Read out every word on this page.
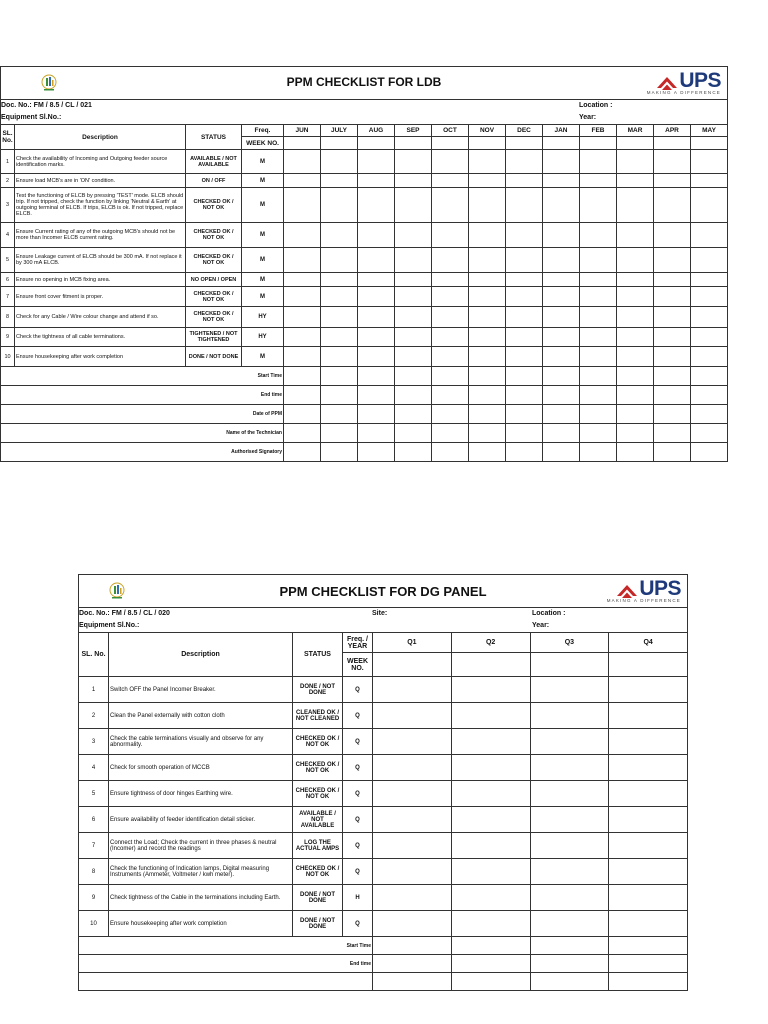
PPM CHECKLIST FOR LDB	UPS
MAKING A DIFFERENCE
Doc. No.: FM / 8.5 / CL / 021	Location :
Equipment Sl.No.:	Year:
SL. No.	Description	STATUS	Freq.	JUN	JULY	AUG	SEP	OCT	NOV	DEC	JAN	FEB	MAR	APR	MAY
			WEEK NO.												
1	Check the availability of Incoming and Outgoing feeder source identification marks.	AVAILABLE / NOT AVAILABLE	M												
2	Ensure load MCB's are in 'ON' condition.	ON / OFF	M												
3	Test the functioning of ELCB by pressing 'TEST' mode. ELCB should trip. If not tripped, check the function by linking 'Neutral & Earth' at outgoing terminal of ELCB. If trips, ELCB is ok. If not tripped, replace ELCB.	CHECKED OK / NOT OK	M												
4	Ensure Current rating of any of the outgoing MCB's should not be more than Incomer ELCB current rating.	CHECKED OK / NOT OK	M												
5	Ensure Leakage current of ELCB should be 300 mA. If not replace it by 300 mA ELCB.	CHECKED OK / NOT OK	M												
6	Ensure no opening in MCB fixing area.	NO OPEN / OPEN	M												
7	Ensure front cover fitment is proper.	CHECKED OK / NOT OK	M												
8	Check for any Cable / Wire colour change and attend if so.	CHECKED OK / NOT OK	HY												
9	Check the tightness of all cable terminations.	TIGHTENED / NOT TIGHTENED	HY												
10	Ensure housekeeping after work completion	DONE / NOT DONE	M												
Start Time															
End time															
Date of PPM															
Name of the Technician															
Authorised Signatory															
PPM CHECKLIST FOR DG PANEL	UPS
MAKING A DIFFERENCE
Doc. No.: FM / 8.5 / CL / 020	Site:	Location :
Equipment Sl.No.:	Year:
SL. No.	Description	STATUS	Freq. / YEAR	Q1	Q2	Q3	Q4
			WEEK NO.				
1	Switch OFF the Panel Incomer Breaker.	DONE / NOT DONE	Q				
2	Clean the Panel externally with cotton cloth	CLEANED OK / NOT CLEANED	Q				
3	Check the cable terminations visually and observe for any abnormality.	CHECKED OK / NOT OK	Q				
4	Check for smooth operation of MCCB	CHECKED OK / NOT OK	Q				
5	Ensure tightness of door hinges Earthing wire.	CHECKED OK / NOT OK	Q				
6	Ensure availability of feeder identification detail sticker.	AVAILABLE / NOT AVAILABLE	Q				
7	Connect the Load; Check the current in three phases & neutral (Incomer) and record the readings	LOG THE ACTUAL AMPS	Q				
8	Check the functioning of Indication lamps, Digital measuring Instruments (Ammeter, Voltmeter / kwh meter).	CHECKED OK / NOT OK	Q				
9	Check tightness of the Cable in the terminations including Earth.	DONE / NOT DONE	H				
10	Ensure housekeeping after work completion	DONE / NOT DONE	Q				
Start Time							
End time							
